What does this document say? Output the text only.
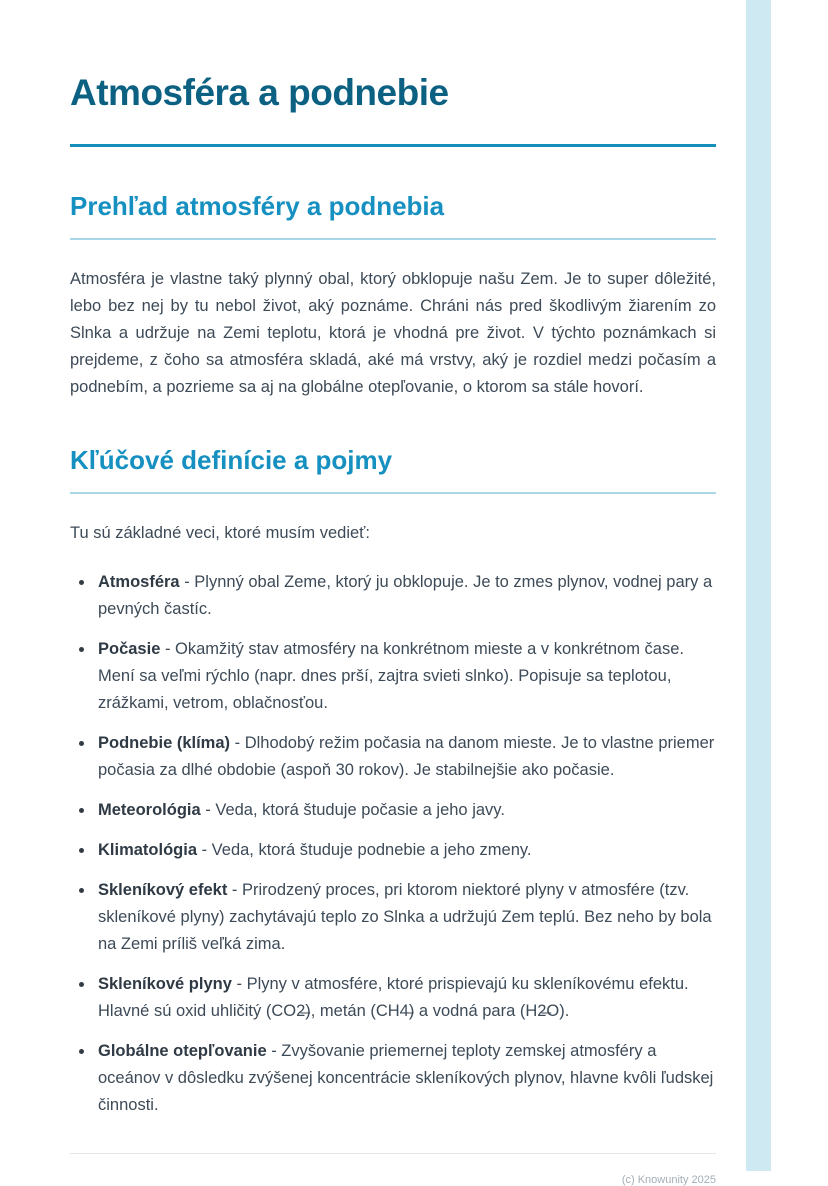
Atmosféra a podnebie
Prehľad atmosféry a podnebia

Atmosféra je vlastne taký plynný obal, ktorý obklopuje našu Zem. Je to super dôležité, lebo bez nej by tu nebol život, aký poznáme. Chráni nás pred škodlivým žiarením zo Slnka a udržuje na Zemi teplotu, ktorá je vhodná pre život. V týchto poznámkach si prejdeme, z čoho sa atmosféra skladá, aké má vrstvy, aký je rozdiel medzi počasím a podnebím, a pozrieme sa aj na globálne otepľovanie, o ktorom sa stále hovorí.

Kľúčové definície a pojmy

Tu sú základné veci, ktoré musím vedieť:

Atmosféra - Plynný obal Zeme, ktorý ju obklopuje. Je to zmes plynov, vodnej pary a pevných častíc.
Počasie - Okamžitý stav atmosféry na konkrétnom mieste a v konkrétnom čase. Mení sa veľmi rýchlo (napr. dnes prší, zajtra svieti slnko). Popisuje sa teplotou, zrážkami, vetrom, oblačnosťou.
Podnebie (klíma) - Dlhodobý režim počasia na danom mieste. Je to vlastne priemer počasia za dlhé obdobie (aspoň 30 rokov). Je stabilnejšie ako počasie.
Meteorológia - Veda, ktorá študuje počasie a jeho javy.
Klimatológia - Veda, ktorá študuje podnebie a jeho zmeny.
Skleníkový efekt - Prirodzený proces, pri ktorom niektoré plyny v atmosfére (tzv. skleníkové plyny) zachytávajú teplo zo Slnka a udržujú Zem teplú. Bez neho by bola na Zemi príliš veľká zima.
Skleníkové plyny - Plyny v atmosfére, ktoré prispievajú ku skleníkovému efektu. Hlavné sú oxid uhličitý (CO2̶), metán (CH4̶) a vodná para (H2̶O).
Globálne otepľovanie - Zvyšovanie priemernej teploty zemskej atmosféry a oceánov v dôsledku zvýšenej koncentrácie skleníkových plynov, hlavne kvôli ľudskej činnosti.
(c) Knowunity 2025
